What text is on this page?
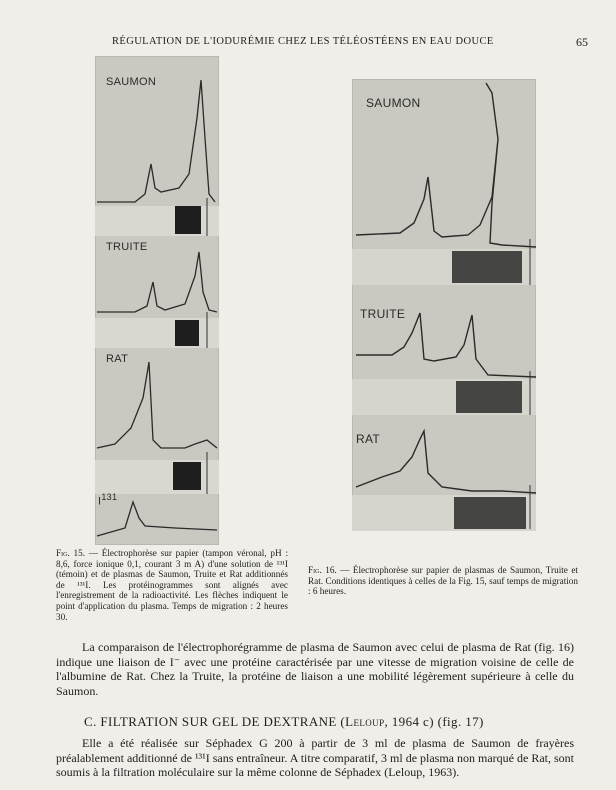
RÉGULATION DE L'IODURÉMIE CHEZ LES TÉLÉOSTÉENS EN EAU DOUCE	65
SAUMON
TRUITE
RAT
$I^{131}$
SAUMON
TRUITE
RAT
Fig. 15. — Électrophorèse sur papier (tampon véronal, pH : 8,6, force ionique 0,1, courant 3 m A) d'une solution de ¹³¹I (témoin) et de plasmas de Saumon, Truite et Rat additionnés de ¹³¹I. Les protéinogrammes sont alignés avec l'enregistrement de la radioactivité. Les flèches indiquent le point d'application du plasma. Temps de migration : 2 heures 30.
Fig. 16. — Électrophorèse sur papier de plasmas de Saumon, Truite et Rat. Conditions identiques à celles de la Fig. 15, sauf temps de migration : 6 heures.

La comparaison de l'électrophorégramme de plasma de Saumon avec celui de plasma de Rat (fig. 16) indique une liaison de I⁻ avec une protéine caractérisée par une vitesse de migration voisine de celle de l'albumine de Rat. Chez la Truite, la protéine de liaison a une mobilité légèrement supérieure à celle du Saumon.

C. FILTRATION SUR GEL DE DEXTRANE (Leloup, 1964 c) (fig. 17)

Elle a été réalisée sur Séphadex G 200 à partir de 3 ml de plasma de Saumon de frayères préalablement additionné de ¹³¹I sans entraîneur. A titre comparatif, 3 ml de plasma non marqué de Rat, sont soumis à la filtration moléculaire sur la même colonne de Séphadex (Leloup, 1963).
